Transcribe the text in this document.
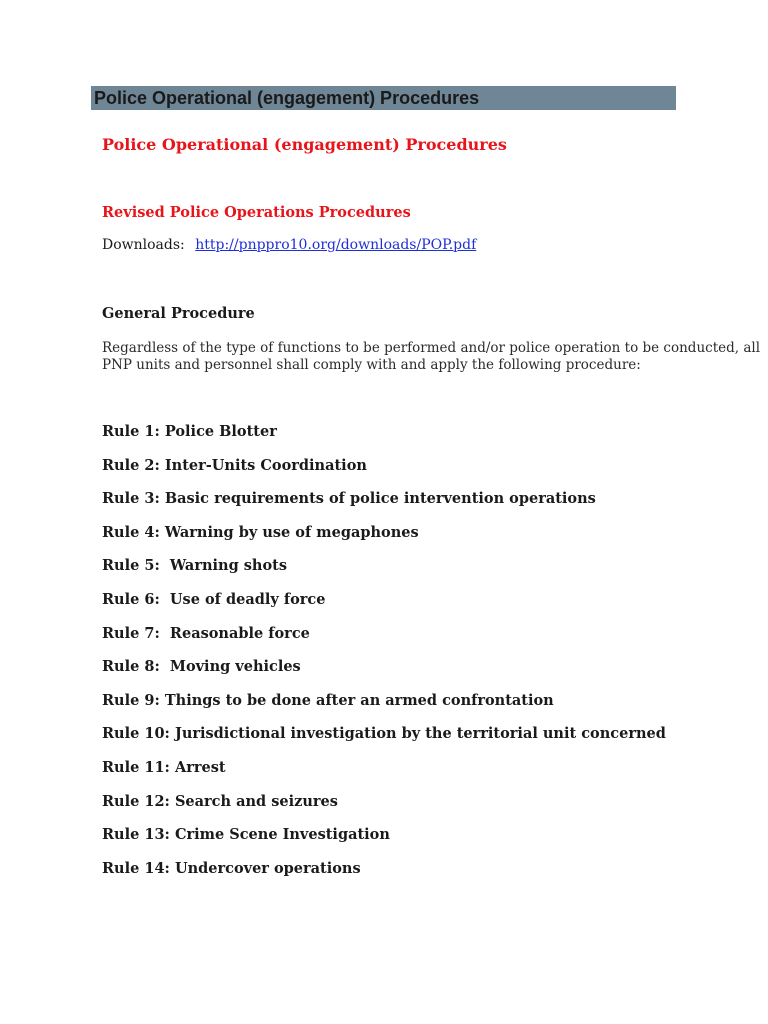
Police Operational (engagement) Procedures
Police Operational (engagement) Procedures
Revised Police Operations Procedures
Downloads: http://pnppro10.org/downloads/POP.pdf
General Procedure
Regardless of the type of functions to be performed and/or police operation to be conducted, all PNP units and personnel shall comply with and apply the following procedure:
Rule 1: Police Blotter
Rule 2: Inter-Units Coordination
Rule 3: Basic requirements of police intervention operations
Rule 4: Warning by use of megaphones
Rule 5:  Warning shots
Rule 6:  Use of deadly force
Rule 7:  Reasonable force
Rule 8:  Moving vehicles
Rule 9: Things to be done after an armed confrontation
Rule 10: Jurisdictional investigation by the territorial unit concerned
Rule 11: Arrest
Rule 12: Search and seizures
Rule 13: Crime Scene Investigation
Rule 14: Undercover operations
